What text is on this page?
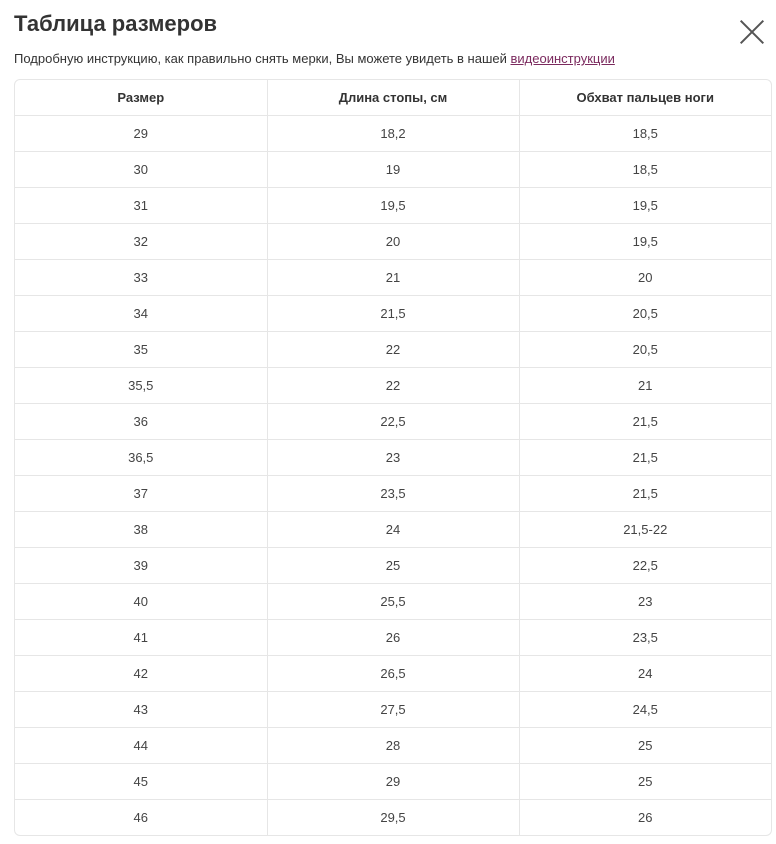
Таблица размеров
Подробную инструкцию, как правильно снять мерки, Вы можете увидеть в нашей видеоинструкции
Размер	Длина стопы, см	Обхват пальцев ноги
29	18,2	18,5
30	19	18,5
31	19,5	19,5
32	20	19,5
33	21	20
34	21,5	20,5
35	22	20,5
35,5	22	21
36	22,5	21,5
36,5	23	21,5
37	23,5	21,5
38	24	21,5-22
39	25	22,5
40	25,5	23
41	26	23,5
42	26,5	24
43	27,5	24,5
44	28	25
45	29	25
46	29,5	26
